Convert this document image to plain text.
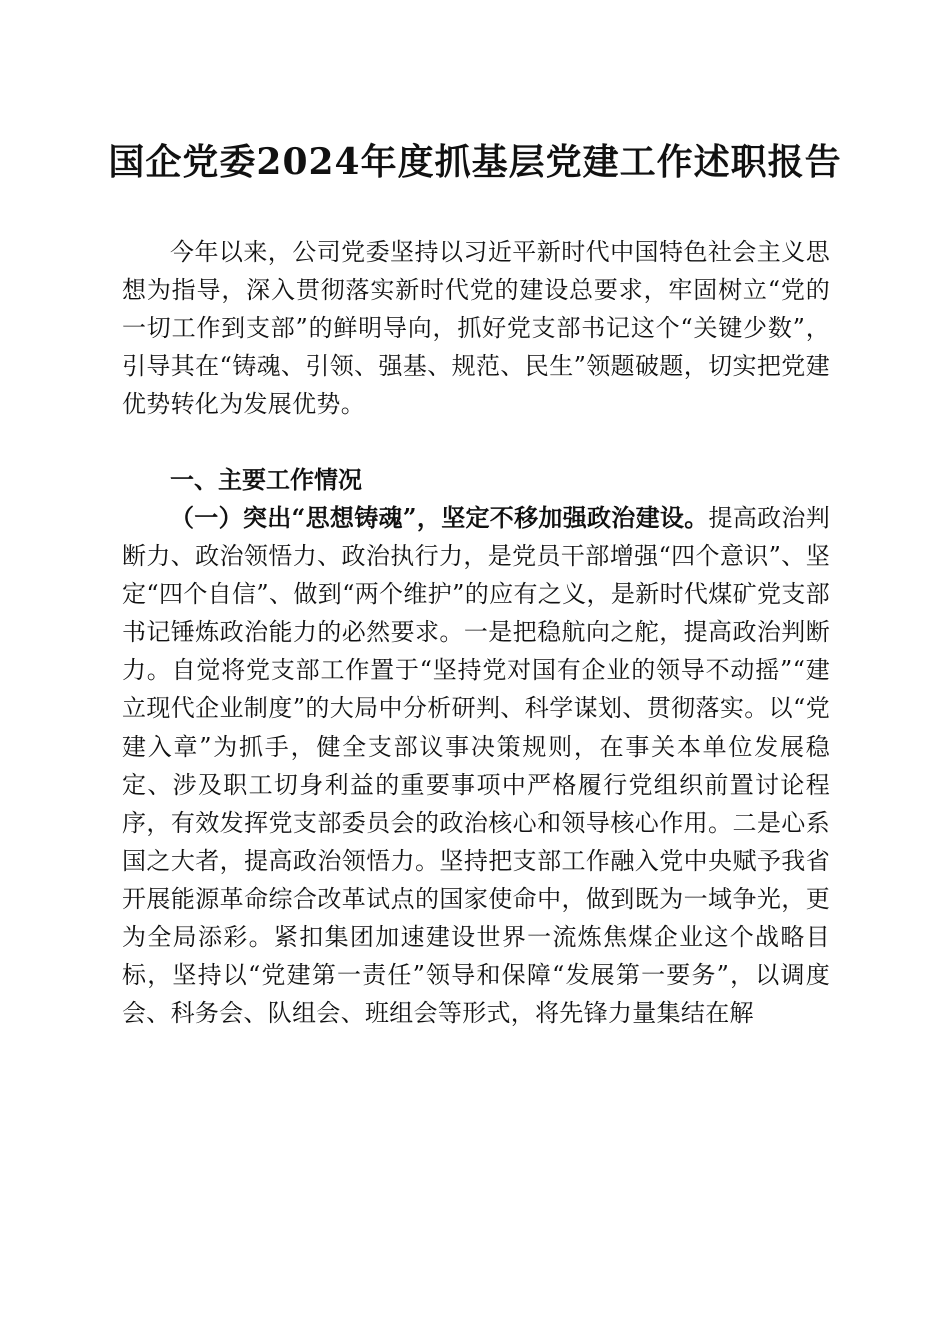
国企党委2024年度抓基层党建工作述职报告
今年以来，公司党委坚持以习近平新时代中国特色社会主义思想为指导，深入贯彻落实新时代党的建设总要求，牢固树立“党的一切工作到支部”的鲜明导向，抓好党支部书记这个“关键少数”，引导其在“铸魂、引领、强基、规范、民生”领题破题，切实把党建优势转化为发展优势。
一、主要工作情况
（一）突出“思想铸魂”，坚定不移加强政治建设。提高政治判断力、政治领悟力、政治执行力，是党员干部增强“四个意识”、坚定“四个自信”、做到“两个维护”的应有之义，是新时代煤矿党支部书记锤炼政治能力的必然要求。一是把稳航向之舵，提高政治判断力。自觉将党支部工作置于“坚持党对国有企业的领导不动摇”“建立现代企业制度”的大局中分析研判、科学谋划、贯彻落实。以“党建入章”为抓手，健全支部议事决策规则，在事关本单位发展稳定、涉及职工切身利益的重要事项中严格履行党组织前置讨论程序，有效发挥党支部委员会的政治核心和领导核心作用。二是心系国之大者，提高政治领悟力。坚持把支部工作融入党中央赋予我省开展能源革命综合改革试点的国家使命中，做到既为一域争光，更为全局添彩。紧扣集团加速建设世界一流炼焦煤企业这个战略目标，坚持以“党建第一责任”领导和保障“发展第一要务”，以调度会、科务会、队组会、班组会等形式，将先锋力量集结在解
